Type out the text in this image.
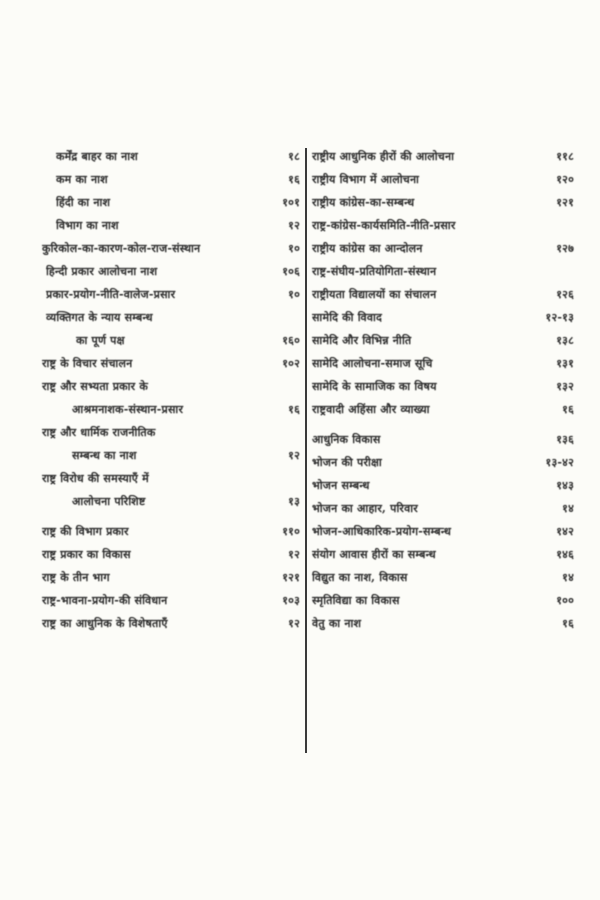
कर्मेंद्र बाहर का नाश	१८
कम का नाश	१६
हिंदी का नाश	१०१
विभाग का नाश	१२
कुरिकोल-का-कारण-कोल-राज-संस्थान	१०
हिन्दी प्रकार आलोचना नाश	१०६
प्रकार-प्रयोग-नीति-वालेज-प्रसार	१०
व्यक्तिगत के न्याय सम्बन्ध
का पूर्ण पक्ष	१६०
राष्ट्र के विचार संचालन	१०२
राष्ट्र और सभ्यता प्रकार के
आश्रमनाशक-संस्थान-प्रसार	१६
राष्ट्र और धार्मिक राजनीतिक
सम्बन्ध का नाश	१२
राष्ट्र विरोध की समस्याएँ में
आलोचना परिशिष्ट	१३
राष्ट्र की विभाग प्रकार	११०
राष्ट्र प्रकार का विकास	१२
राष्ट्र के तीन भाग	१२१
राष्ट्र-भावना-प्रयोग-की संविधान	१०३
राष्ट्र का आधुनिक के विशेषताएँ	१२
राष्ट्रीय आधुनिक हीरों की आलोचना	११८
राष्ट्रीय विभाग में आलोचना	१२०
राष्ट्रीय कांग्रेस-का-सम्बन्ध	१२१
राष्ट्र-कांग्रेस-कार्यसमिति-नीति-प्रसार
राष्ट्रीय कांग्रेस का आन्दोलन	१२७
राष्ट्र-संघीय-प्रतियोगिता-संस्थान
राष्ट्रीयता विद्यालयों का संचालन	१२६
सामेदि की विवाद	१२-१३
सामेदि और विभिन्न नीति	१३८
सामेदि आलोचना-समाज सूचि	१३१
सामेदि के सामाजिक का विषय	१३२
राष्ट्रवादी अहिंसा और व्याख्या	१६
आधुनिक विकास	१३६
भोजन की परीक्षा	१३-४२
भोजन सम्बन्ध	१४३
भोजन का आहार, परिवार	१४
भोजन-आधिकारिक-प्रयोग-सम्बन्ध	१४२
संयोग आवास हीरों का सम्बन्ध	१४६
विद्युत का नाश, विकास	१४
स्मृतिविद्या का विकास	१००
वेतु का नाश	१६
